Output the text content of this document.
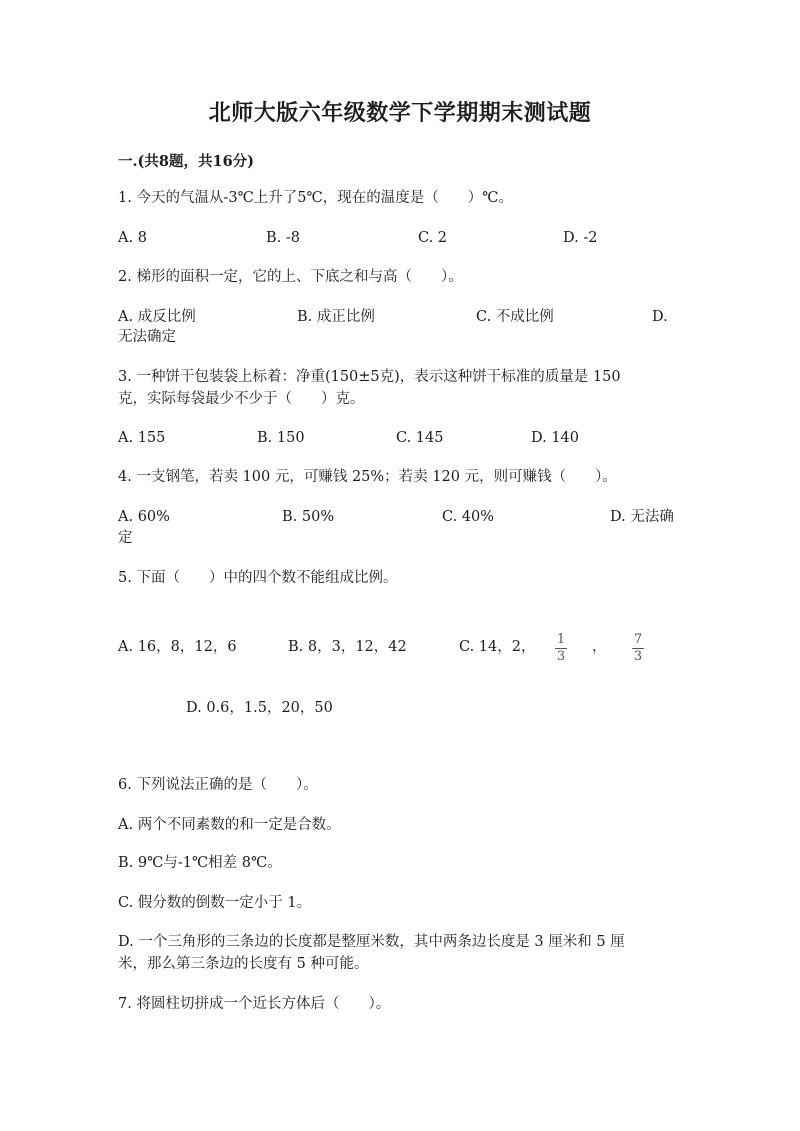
北师大版六年级数学下学期期末测试题
一.(共8题，共16分)
1. 今天的气温从-3℃上升了5℃，现在的温度是（　　）℃。
A. 8	B. -8	C. 2	D. -2
2. 梯形的面积一定，它的上、下底之和与高（　　）。
A. 成反比例	B. 成正比例	C. 不成比例	D.
无法确定
3. 一种饼干包装袋上标着：净重(150±5克)，表示这种饼干标准的质量是 150
克，实际每袋最少不少于（　　）克。
A. 155	B. 150	C. 145	D. 140
4. 一支钢笔，若卖 100 元，可赚钱 25%；若卖 120 元，则可赚钱（　　）。
A. 60%	B. 50%	C. 40%	D. 无法确
定
5. 下面（　　）中的四个数不能组成比例。
A. 16，8，12，6	B. 8，3，12，42	C. 14，2， 1
3
， 7
3
D. 0.6，1.5，20，50
6. 下列说法正确的是（　　）。
A. 两个不同素数的和一定是合数。
B. 9℃与-1℃相差 8℃。
C. 假分数的倒数一定小于 1。
D. 一个三角形的三条边的长度都是整厘米数，其中两条边长度是 3 厘米和 5 厘
米，那么第三条边的长度有 5 种可能。
7. 将圆柱切拼成一个近长方体后（　　）。
